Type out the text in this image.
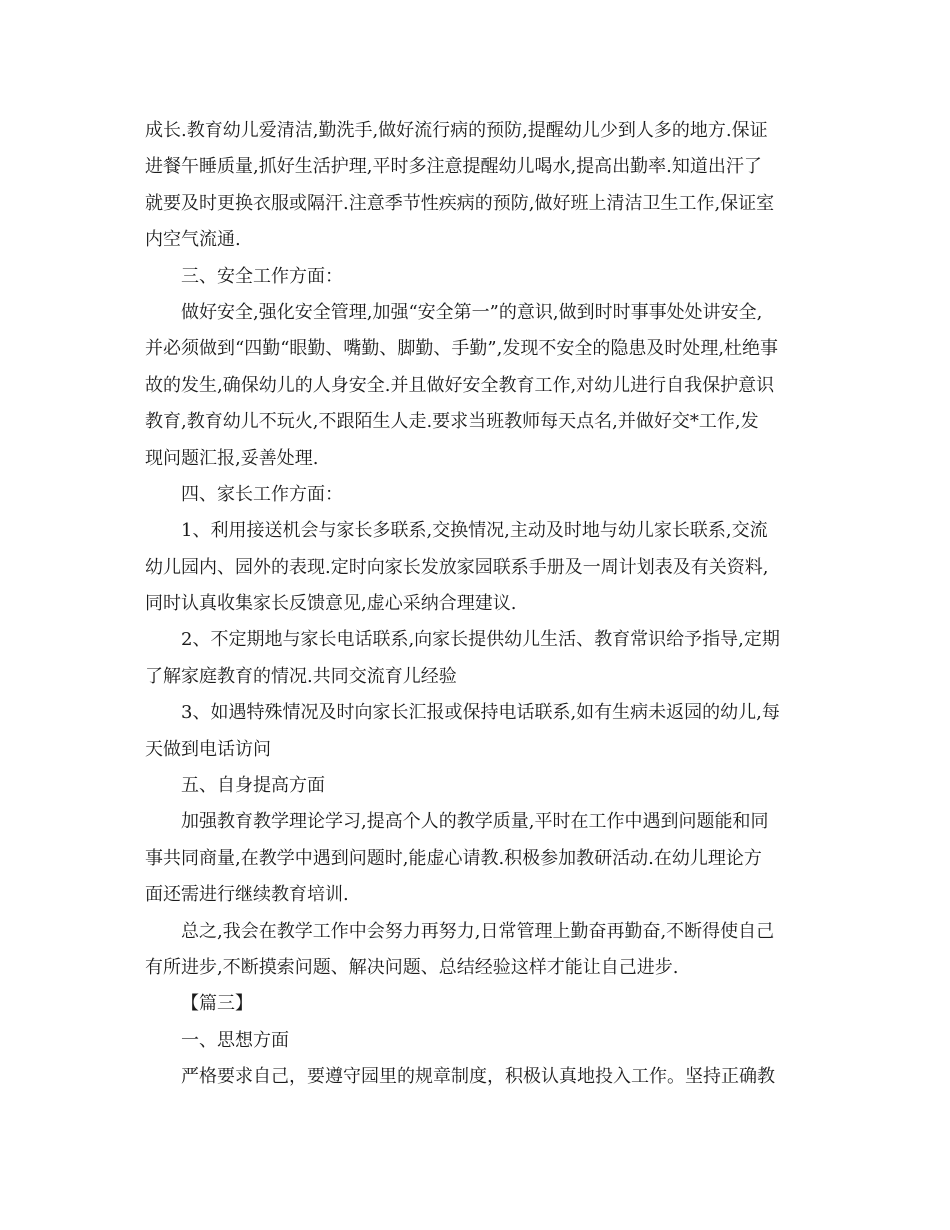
成长.教育幼儿爱清洁,勤洗手,做好流行病的预防,提醒幼儿少到人多的地方.保证
进餐午睡质量,抓好生活护理,平时多注意提醒幼儿喝水,提高出勤率.知道出汗了
就要及时更换衣服或隔汗.注意季节性疾病的预防,做好班上清洁卫生工作,保证室
内空气流通.
三、安全工作方面：
做好安全,强化安全管理,加强“安全第一”的意识,做到时时事事处处讲安全,
并必须做到“四勤“眼勤、嘴勤、脚勤、手勤”,发现不安全的隐患及时处理,杜绝事
故的发生,确保幼儿的人身安全.并且做好安全教育工作,对幼儿进行自我保护意识
教育,教育幼儿不玩火,不跟陌生人走.要求当班教师每天点名,并做好交*工作,发
现问题汇报,妥善处理.
四、家长工作方面：
1、利用接送机会与家长多联系,交换情况,主动及时地与幼儿家长联系,交流
幼儿园内、园外的表现.定时向家长发放家园联系手册及一周计划表及有关资料,
同时认真收集家长反馈意见,虚心采纳合理建议.
2、不定期地与家长电话联系,向家长提供幼儿生活、教育常识给予指导,定期
了解家庭教育的情况.共同交流育儿经验
3、如遇特殊情况及时向家长汇报或保持电话联系,如有生病未返园的幼儿,每
天做到电话访问
五、自身提高方面
加强教育教学理论学习,提高个人的教学质量,平时在工作中遇到问题能和同
事共同商量,在教学中遇到问题时,能虚心请教.积极参加教研活动.在幼儿理论方
面还需进行继续教育培训.
总之,我会在教学工作中会努力再努力,日常管理上勤奋再勤奋,不断得使自己
有所进步,不断摸索问题、解决问题、总结经验这样才能让自己进步.
【篇三】
一、思想方面
严格要求自己，要遵守园里的规章制度，积极认真地投入工作。坚持正确教
